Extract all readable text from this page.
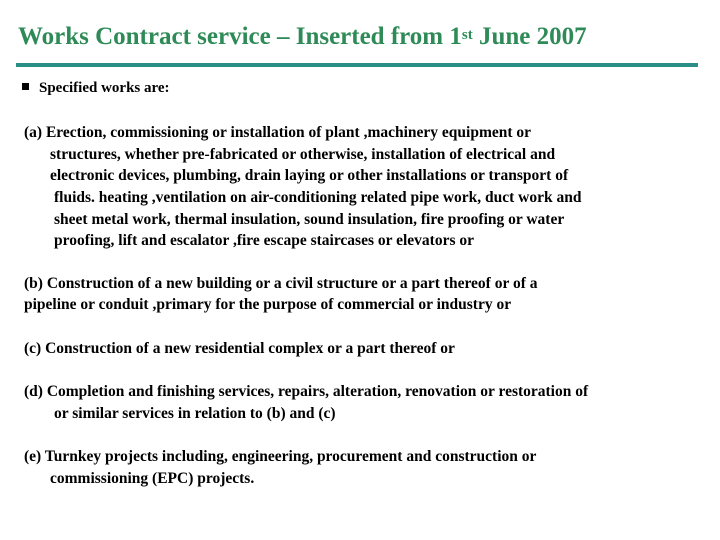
Works Contract service – Inserted from 1st June 2007
Specified works are:
(a) Erection, commissioning or installation of plant ,machinery equipment or
structures, whether pre-fabricated or otherwise, installation of electrical and
electronic devices, plumbing, drain laying or other installations or transport of
fluids. heating ,ventilation on air-conditioning related pipe work, duct work and
sheet metal work, thermal insulation, sound insulation, fire proofing or water
proofing, lift and escalator ,fire escape staircases or elevators or
(b) Construction of a new building or a civil structure or a part thereof or of a
pipeline or conduit ,primary for the purpose of commercial or industry or
(c) Construction of a new residential complex or a part thereof or
(d) Completion and finishing services, repairs, alteration, renovation or restoration of
or similar services in relation to (b) and (c)
(e) Turnkey projects including, engineering, procurement and construction or
commissioning (EPC) projects.
